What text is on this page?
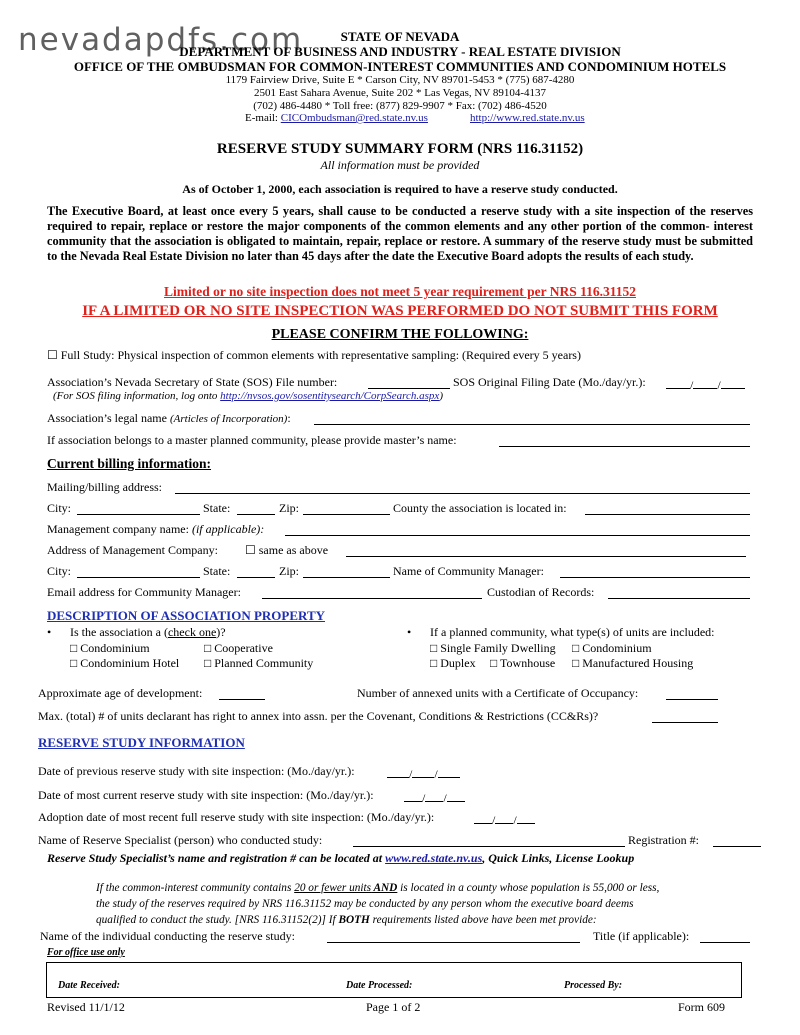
nevadapdfs.com	STATE OF NEVADA
DEPARTMENT OF BUSINESS AND INDUSTRY - REAL ESTATE DIVISION
OFFICE OF THE OMBUDSMAN FOR COMMON-INTEREST COMMUNITIES AND CONDOMINIUM HOTELS
1179 Fairview Drive, Suite E * Carson City, NV 89701-5453 * (775) 687-4280
2501 East Sahara Avenue, Suite 202 * Las Vegas, NV 89104-4137
(702) 486-4480 * Toll free: (877) 829-9907 * Fax: (702) 486-4520
E-mail: CICOmbudsman@red.state.nv.us	http://www.red.state.nv.us
RESERVE STUDY SUMMARY FORM (NRS 116.31152)
All information must be provided
As of October 1, 2000, each association is required to have a reserve study conducted.
The Executive Board, at least once every 5 years, shall cause to be conducted a reserve study with a site inspection of the reserves required to repair, replace or restore the major components of the common elements and any other portion of the common- interest community that the association is obligated to maintain, repair, replace or restore. A summary of the reserve study must be submitted to the Nevada Real Estate Division no later than 45 days after the date the Executive Board adopts the results of each study.
Limited or no site inspection does not meet 5 year requirement per NRS 116.31152
IF A LIMITED OR NO SITE INSPECTION WAS PERFORMED DO NOT SUBMIT THIS FORM
PLEASE CONFIRM THE FOLLOWING:
☐ Full Study: Physical inspection of common elements with representative sampling: (Required every 5 years)
Association’s Nevada Secretary of State (SOS) File number:	SOS Original Filing Date (Mo./day/yr.):	/ /
(For SOS filing information, log onto http://nvsos.gov/sosentitysearch/CorpSearch.aspx)
Association’s legal name (Articles of Incorporation):
If association belongs to a master planned community, please provide master’s name:
Current billing information:
Mailing/billing address:
City:	State:	Zip:	County the association is located in:
Management company name: (if applicable):
Address of Management Company: ☐ same as above
City:	State:	Zip:	Name of Community Manager:
Email address for Community Manager:	Custodian of Records:
DESCRIPTION OF ASSOCIATION PROPERTY
• Is the association a (check one)?
□ Condominium	□ Cooperative
□ Condominium Hotel □ Planned Community
• If a planned community, what type(s) of units are included:
□ Single Family Dwelling □ Condominium
□ Duplex □ Townhouse □ Manufactured Housing
Approximate age of development:	Number of annexed units with a Certificate of Occupancy:
Max. (total) # of units declarant has right to annex into assn. per the Covenant, Conditions & Restrictions (CC&Rs)?
RESERVE STUDY INFORMATION
Date of previous reserve study with site inspection: (Mo./day/yr.):	/ /
Date of most current reserve study with site inspection: (Mo./day/yr.):	/ /
Adoption date of most recent full reserve study with site inspection: (Mo./day/yr.):	/ /
Name of Reserve Specialist (person) who conducted study:	Registration #:
Reserve Study Specialist’s name and registration # can be located at www.red.state.nv.us, Quick Links, License Lookup
If the common-interest community contains 20 or fewer units AND is located in a county whose population is 55,000 or less,
the study of the reserves required by NRS 116.31152 may be conducted by any person whom the executive board deems
qualified to conduct the study. [NRS 116.31152(2)] If BOTH requirements listed above have been met provide:
Name of the individual conducting the reserve study:	Title (if applicable):
For office use only
Date Received:	Date Processed:	Processed By:
Revised 11/1/12	Page 1 of 2	Form 609
